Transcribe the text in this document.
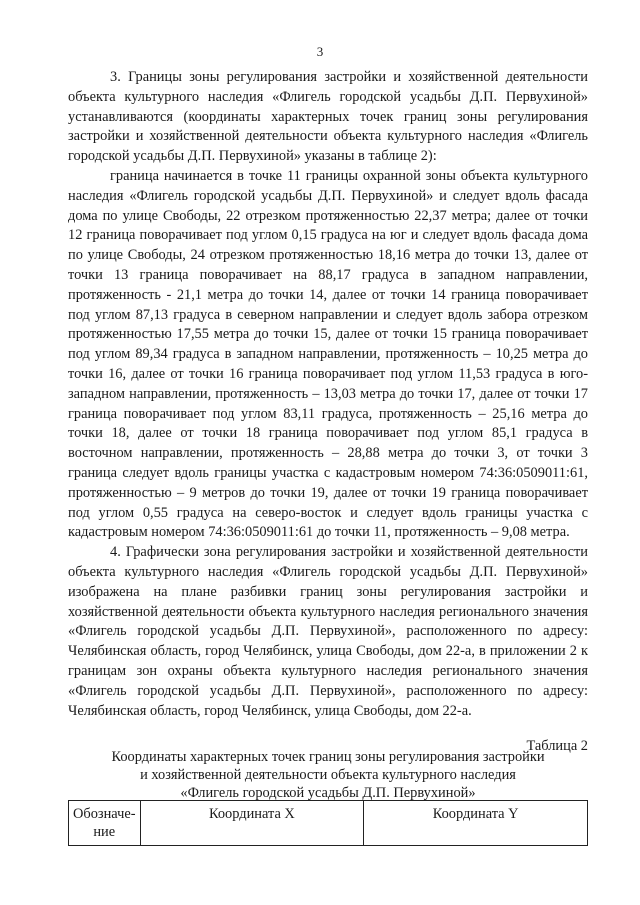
3

3. Границы зоны регулирования застройки и хозяйственной деятельности объекта культурного наследия «Флигель городской усадьбы Д.П. Первухиной» устанавливаются (координаты характерных точек границ зоны регулирования застройки и хозяйственной деятельности объекта культурного наследия «Флигель городской усадьбы Д.П. Первухиной» указаны в таблице 2):

граница начинается в точке 11 границы охранной зоны объекта культурного наследия «Флигель городской усадьбы Д.П. Первухиной» и следует вдоль фасада дома по улице Свободы, 22 отрезком протяженностью 22,37 метра; далее от точки 12 граница поворачивает под углом 0,15 градуса на юг и следует вдоль фасада дома по улице Свободы, 24 отрезком протяженностью 18,16 метра до точки 13, далее от точки 13 граница поворачивает на 88,17 градуса в западном направлении, протяженность - 21,1 метра до точки 14, далее от точки 14 граница поворачивает под углом 87,13 градуса в северном направлении и следует вдоль забора отрезком протяженностью 17,55 метра до точки 15, далее от точки 15 граница поворачивает под углом 89,34 градуса в западном направлении, протяженность – 10,25 метра до точки 16, далее от точки 16 граница поворачивает под углом 11,53 градуса в юго-западном направлении, протяженность – 13,03 метра до точки 17, далее от точки 17 граница поворачивает под углом 83,11 градуса, протяженность – 25,16 метра до точки 18, далее от точки 18 граница поворачивает под углом 85,1 градуса в восточном направлении, протяженность – 28,88 метра до точки 3, от точки 3 граница следует вдоль границы участка с кадастровым номером 74:36:0509011:61, протяженностью – 9 метров до точки 19, далее от точки 19 граница поворачивает под углом 0,55 градуса на северо-восток и следует вдоль границы участка с кадастровым номером 74:36:0509011:61 до точки 11, протяженность – 9,08 метра.

4. Графически зона регулирования застройки и хозяйственной деятельности объекта культурного наследия «Флигель городской усадьбы Д.П. Первухиной» изображена на плане разбивки границ зоны регулирования застройки и хозяйственной деятельности объекта культурного наследия регионального значения «Флигель городской усадьбы Д.П. Первухиной», расположенного по адресу: Челябинская область, город Челябинск, улица Свободы, дом 22-а, в приложении 2 к границам зон охраны объекта культурного наследия регионального значения «Флигель городской усадьбы Д.П. Первухиной», расположенного по адресу: Челябинская область, город Челябинск, улица Свободы, дом 22-а.

Таблица 2
Координаты характерных точек границ зоны регулирования застройки
и хозяйственной деятельности объекта культурного наследия
«Флигель городской усадьбы Д.П. Первухиной»
Обозначе-ние	Координата X	Координата Y
